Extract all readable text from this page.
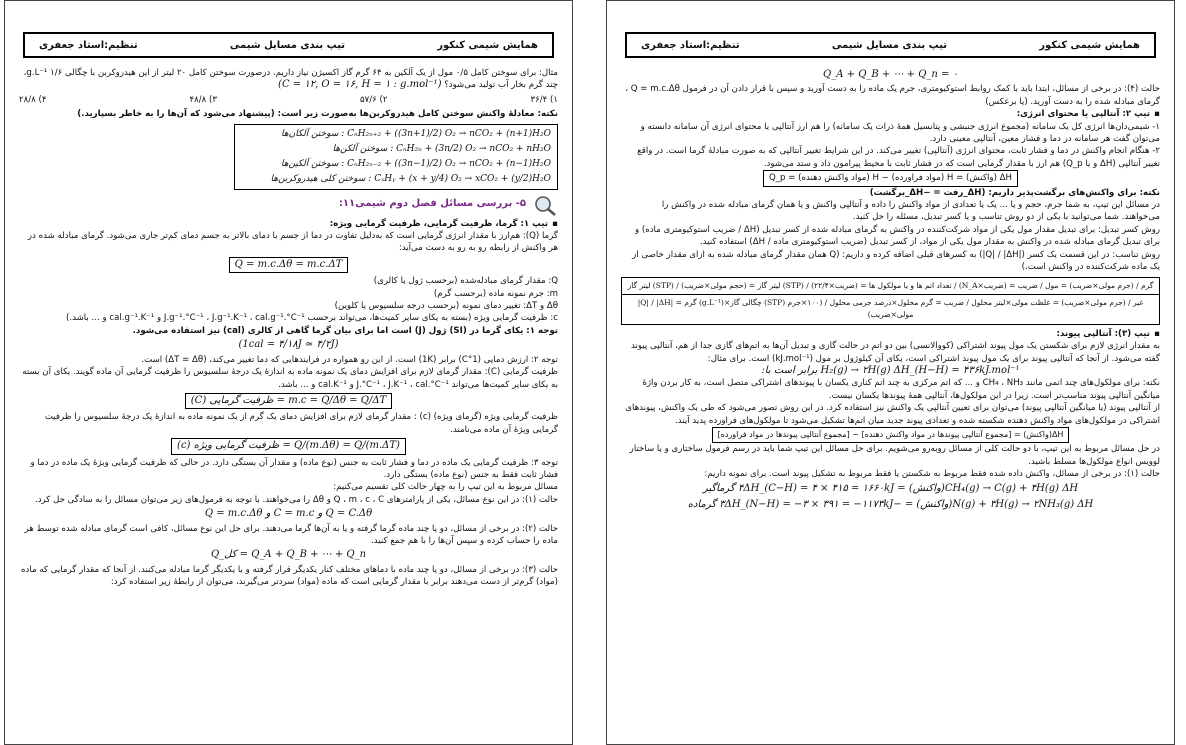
همایش شیمی کنکور
تیپ بندی مسایل شیمی
تنظیم:استاد جعفری

مثال: برای سوختن کامل ۰/۵ مول از یک آلکین به ۶۴ گرم گاز اکسیژن نیاز داریم. درصورت سوختن کامل ۲۰ لیتر از این هیدروکربن با چگالی ۱/۶ g.L⁻¹، چند گرم بخار آب تولید می‌شود؟ (C = ۱۲, O = ۱۶, H = ۱ : g.mol⁻¹)

۱) ۳۶/۴
۲) ۵۷/۶
۳) ۴۸/۸
۴) ۲۸/۸

نکته: معادلهٔ واکنش سوختن کامل هیدروکربن‌ها به‌صورت زیر است: (پیشنهاد می‌شود که آن‌ها را به خاطر بسپارید.)

CₙH₂ₙ₊₂ + ((3n+1)/2) O₂ → nCO₂ + (n+1)H₂O : سوختن آلکان‌ها

CₙH₂ₙ + (3n/2) O₂ → nCO₂ + nH₂O : سوختن آلکن‌ها

CₙH₂ₙ₋₂ + ((3n−1)/2) O₂ → nCO₂ + (n−1)H₂O : سوختن آلکین‌ها

CₓHᵧ + (x + y/4) O₂ → xCO₂ + (y/2)H₂O : سوختن کلی هیدروکربن‌ها

۵- بررسی مسائل فصل دوم شیمی۱۱:

▪ تیپ ۱: گرما، ظرفیت گرمایی، ظرفیت گرمایی ویژه:

گرما (Q): هم‌ارز با مقدار انرژی گرمایی است که به‌دلیل تفاوت در دما از جسم با دمای بالاتر به جسم دمای کم‌تر جاری می‌شود. گرمای مبادله شده در هر واکنش از رابطه رو به رو به دست می‌آید:

Q = m.c.Δθ = m.c.ΔT

Q: مقدار گرمای مبادله‌شده (برحسب ژول یا کالری)

m: جرم نمونه ماده (برحسب گرم)

Δθ و ΔT: تغییر دمای نمونه (برحسب درجه سلسیوس یا کلوین)

c: ظرفیت گرمایی ویژه (بسته به یکای سایر کمیت‌ها، می‌تواند برحسب J.g⁻¹.°C⁻¹ ، J.g⁻¹.K⁻¹ ، cal.g⁻¹.°C⁻¹ و cal.g⁻¹.K⁻¹ و ... باشد.)

توجه ۱: یکای گرما در (SI) ژول (J) است اما برای بیان گرما گاهی از کالری (cal) نیز استفاده می‌شود.

(1cal = ۴/۱۸J ≃ ۴/۲J)

توجه ۲: ارزش دمایی (1°C) برابر (1K) است. از این رو همواره در فرایندهایی که دما تغییر می‌کند، (ΔT = Δθ) است.

ظرفیت گرمایی (C): مقدار گرمای لازم برای افزایش دمای یک نمونه ماده به اندازهٔ یک درجهٔ سلسیوس را ظرفیت گرمایی آن ماده گویند. یکای آن بسته به یکای سایر کمیت‌ها می‌تواند J.°C⁻¹ ، J.K⁻¹ ، cal.°C⁻¹ و cal.K⁻¹ و ... باشد.

(C) ظرفیت گرمایی = m.c = Q/Δθ = Q/ΔT

ظرفیت گرمایی ویژه (گرمای ویژه) (c) : مقدار گرمای لازم برای افزایش دمای یک گرم از یک نمونه ماده به اندازهٔ یک درجهٔ سلسیوس را ظرفیت گرمایی ویژهٔ آن ماده می‌نامند.

(c) ظرفیت گرمایی ویژه = Q/(m.Δθ) = Q/(m.ΔT)

توجه ۳: ظرفیت گرمایی یک ماده در دما و فشار ثابت به جنس (نوع ماده) و مقدار آن بستگی دارد. در حالی که ظرفیت گرمایی ویژهٔ یک ماده در دما و فشار ثابت فقط به جنس (نوع ماده) بستگی دارد.

مسائل مربوط به این تیپ را به چهار حالت کلی تقسیم می‌کنیم:

حالت (۱): در این نوع مسائل، یکی از پارامترهای Q ، m ، c ، C و Δθ را می‌خواهند. با توجه به فرمول‌های زیر می‌توان مسائل را به سادگی حل کرد.

Q = m.c.Δθ و C = m.c و Q = C.Δθ

حالت (۲): در برخی از مسائل، دو یا چند ماده گرما گرفته و یا به آن‌ها گرما می‌دهند. برای حل این نوع مسائل، کافی است گرمای مبادله شده توسط هر ماده را حساب کرده و سپس آن‌ها را با هم جمع کنید.

Q_کل = Q_A + Q_B + ⋯ + Q_n

حالت (۳): در برخی از مسائل، دو یا چند ماده با دماهای مختلف کنار یکدیگر قرار گرفته و با یکدیگر گرما مبادله می‌کنند. از آنجا که مقدار گرمایی که ماده (مواد) گرم‌تر از دست می‌دهند برابر با مقدار گرمایی است که ماده (مواد) سردتر می‌گیرند، می‌توان از رابطهٔ زیر استفاده کرد:

همایش شیمی کنکور
تیپ بندی مسایل شیمی
تنظیم:استاد جعفری

Q_A + Q_B + ⋯ + Q_n = ۰

حالت (۴): در برخی از مسائل، ابتدا باید با کمک روابط استوکیومتری، جرم یک ماده را به دست آورید و سپس با قرار دادن آن در فرمول Q = m.c.Δθ ، گرمای مبادله شده را به دست آورید. (یا برعکس)

▪ تیپ ۲: آنتالپی یا محتوای انرژی:

۱- شیمی‌دان‌ها انرژی کل یک سامانه (مجموع انرژی جنبشی و پتانسیل همهٔ ذرات یک سامانه) را هم ارز آنتالپی یا محتوای انرژی آن سامانه دانسته و می‌توان گفت هر سامانه در دما و فشار معین، آنتالپی معینی دارد.

۲- هنگام انجام واکنش در دما و فشار ثابت، محتوای انرژی (آنتالپی) تغییر می‌کند. در این شرایط تغییر آنتالپی که به صورت مبادلهٔ گرما است. در واقع تغییر آنتالپی (ΔH و یا Q_p) هم ارز با مقدار گرمایی است که در فشار ثابت با محیط پیرامون داد و ستد می‌شود.

ΔH (واکنش) = H (مواد فراورده) − H (مواد واکنش دهنده) = Q_p

نکته: برای واکنش‌های برگشت‌پذیر داریم: (ΔH_رفت = −ΔH_برگشت)

در مسائل این تیپ، به شما جرم، حجم و یا ... یک یا تعدادی از مواد واکنش را داده و آنتالپی واکنش و یا همان گرمای مبادله شده در واکنش را می‌خواهند. شما می‌توانید با یکی از دو روش تناسب و یا کسر تبدیل، مسئله را حل کنید.

روش کسر تبدیل: برای تبدیل مقدار مول یکی از مواد شرکت‌کننده در واکنش به گرمای مبادله شده از کسر تبدیل (ΔH / ضریب استوکیومتری ماده) و برای تبدیل گرمای مبادله شده در واکنش به مقدار مول یکی از مواد، از کسر تبدیل (ضریب استوکیومتری ماده / ΔH) استفاده کنید.

روش تناسب: در این قسمت یک کسر (|Q| / |ΔH|) به کسرهای قبلی اضافه کرده و داریم: (Q همان مقدار گرمای مبادله شده به ازای مقدار خاصی از یک ماده شرکت‌کننده در واکنش است.)

لیتر گاز (STP) / (حجم مولی×ضریب) = لیتر گاز (STP) / (۲۲/۴×ضریب) = تعداد اتم ها و یا مولکول ها / (N_A×ضریب) = گرم / (جرم مولی×ضریب) = مول / ضریب
|Q| / |ΔH| = گرم (g.L⁻¹)×چگالی گاز (STP) غیر / (جرم مولی×ضریب) = غلظت مولی×لیتر محلول / ضریب = گرم محلول×درصد جرمی محلول / (۱۰۰×جرم مولی×ضریب)

▪ تیپ (۳): آنتالپی پیوند:

به مقدار انرژی لازم برای شکستن یک مول پیوند اشتراکی (کووالانسی) بین دو اتم در حالت گازی و تبدیل آن‌ها به اتم‌های گازی جدا از هم، آنتالپی پیوند گفته می‌شود. از آنجا که آنتالپی پیوند برای یک مول پیوند اشتراکی است، یکای آن کیلوژول بر مول (kJ.mol⁻¹) است. برای مثال:

H₂(g) → ۲H(g) ΔH_(H−H) = ۴۳۶kJ.mol⁻¹ برابر است با:

نکته: برای مولکول‌های چند اتمی مانند CH₄ ، NH₃ و ... که اتم مرکزی به چند اتم کناری یکسان با پیوندهای اشتراکی متصل است، به کار بردن واژهٔ میانگین آنتالپی پیوند مناسب‌تر است. زیرا در این مولکول‌ها، آنتالپی همهٔ پیوندها یکسان نیست.

از آنتالپی پیوند (یا میانگین آنتالپی پیوند) می‌توان برای تعیین آنتالپی یک واکنش نیز استفاده کرد. در این روش تصور می‌شود که طی یک واکنش، پیوندهای اشتراکی در مولکول‌های مواد واکنش دهنده شکسته شده و تعدادی پیوند جدید میان اتم‌ها تشکیل می‌شود تا مولکول‌های فراورده پدید آیند.

ΔH(واکنش) = [مجموع آنتالپی پیوندها در مواد واکنش دهنده] − [مجموع آنتالپی پیوندها در مواد فراورده]

در حل مسائل مربوط به این تیپ، با دو حالت کلی از مسائل روبه‌رو می‌شویم. برای حل مسائل این تیپ شما باید در رسم فرمول ساختاری و یا ساختار لوویس انواع مولکول‌ها مسلط باشید.

حالت (۱): در برخی از مسائل، واکنش داده شده فقط مربوط به شکستن یا فقط مربوط به تشکیل پیوند است. برای نمونه داریم:

CH₄(g) → C(g) + ۴H(g) ΔH(واکنش) = ۴ΔH_(C−H) = ۴ × ۴۱۵ = ۱۶۶۰kJ گرماگیر

N(g) + ۳H(g) → ۲NH₃(g) ΔH(واکنش) = −۳ΔH_(N−H) = −۳ × ۳۹۱ = −۱۱۷۳kJ گرماده
